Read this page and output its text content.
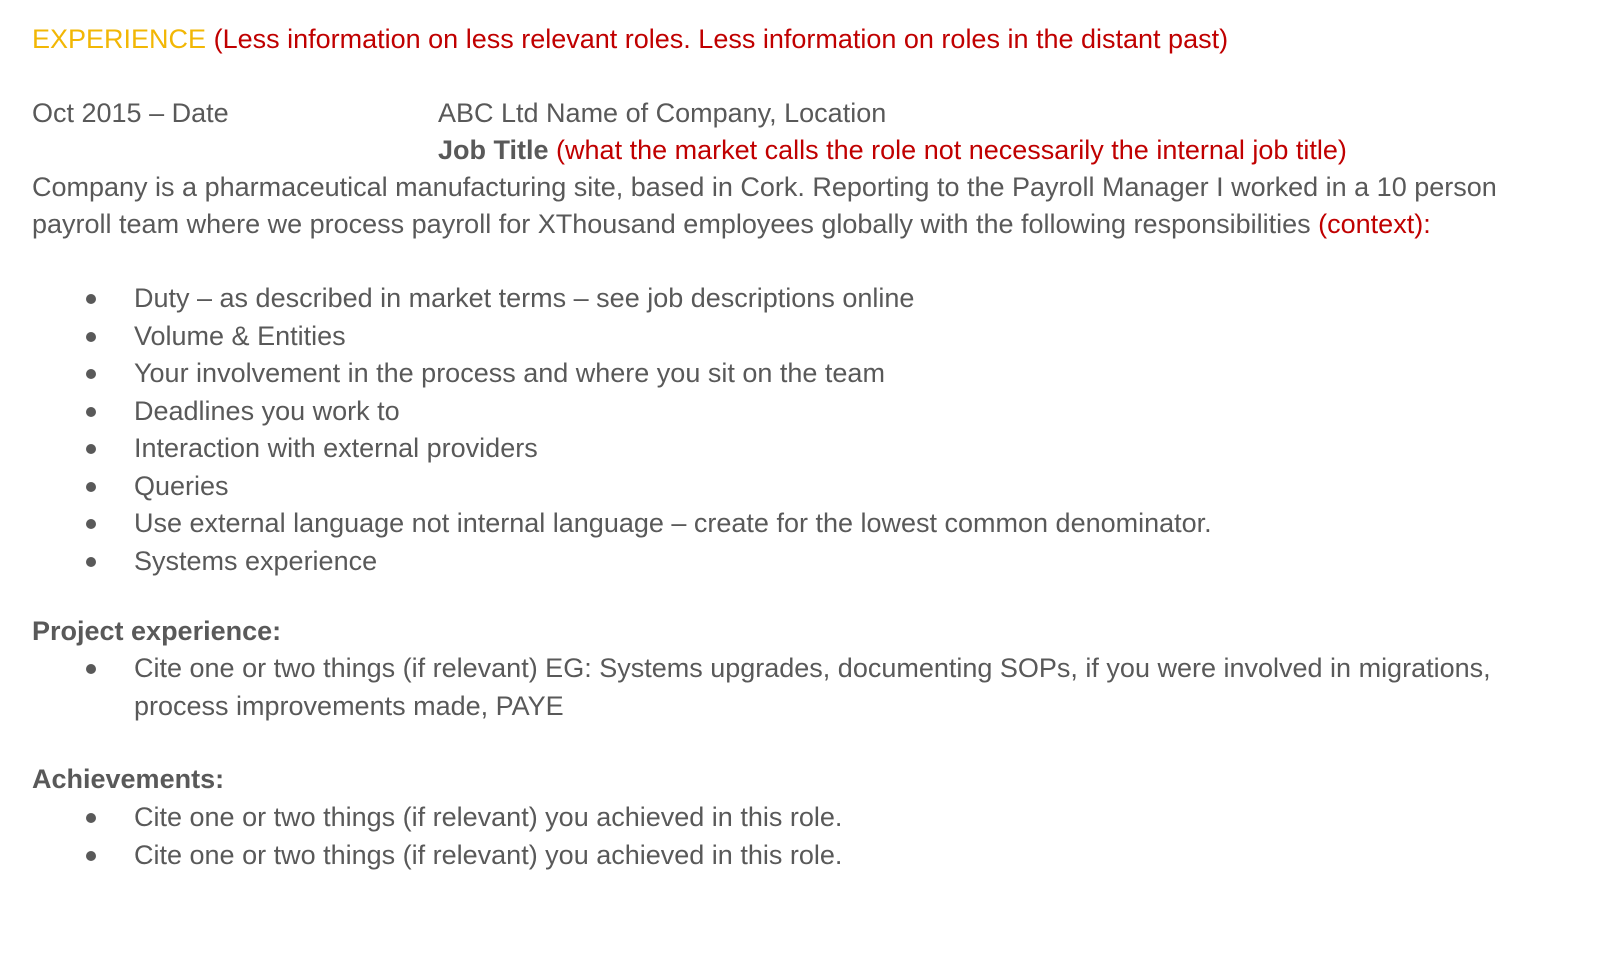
EXPERIENCE (Less information on less relevant roles. Less information on roles in the distant past)
Oct 2015 – Date	ABC Ltd Name of Company, Location
Job Title (what the market calls the role not necessarily the internal job title)
Company is a pharmaceutical manufacturing site, based in Cork. Reporting to the Payroll Manager I worked in a 10 person
payroll team where we process payroll for XThousand employees globally with the following responsibilities (context):
Duty – as described in market terms – see job descriptions online
Volume & Entities
Your involvement in the process and where you sit on the team
Deadlines you work to
Interaction with external providers
Queries
Use external language not internal language – create for the lowest common denominator.
Systems experience
Project experience:
Cite one or two things (if relevant) EG: Systems upgrades, documenting SOPs, if you were involved in migrations, process improvements made, PAYE
Achievements:
Cite one or two things (if relevant) you achieved in this role.
Cite one or two things (if relevant) you achieved in this role.
